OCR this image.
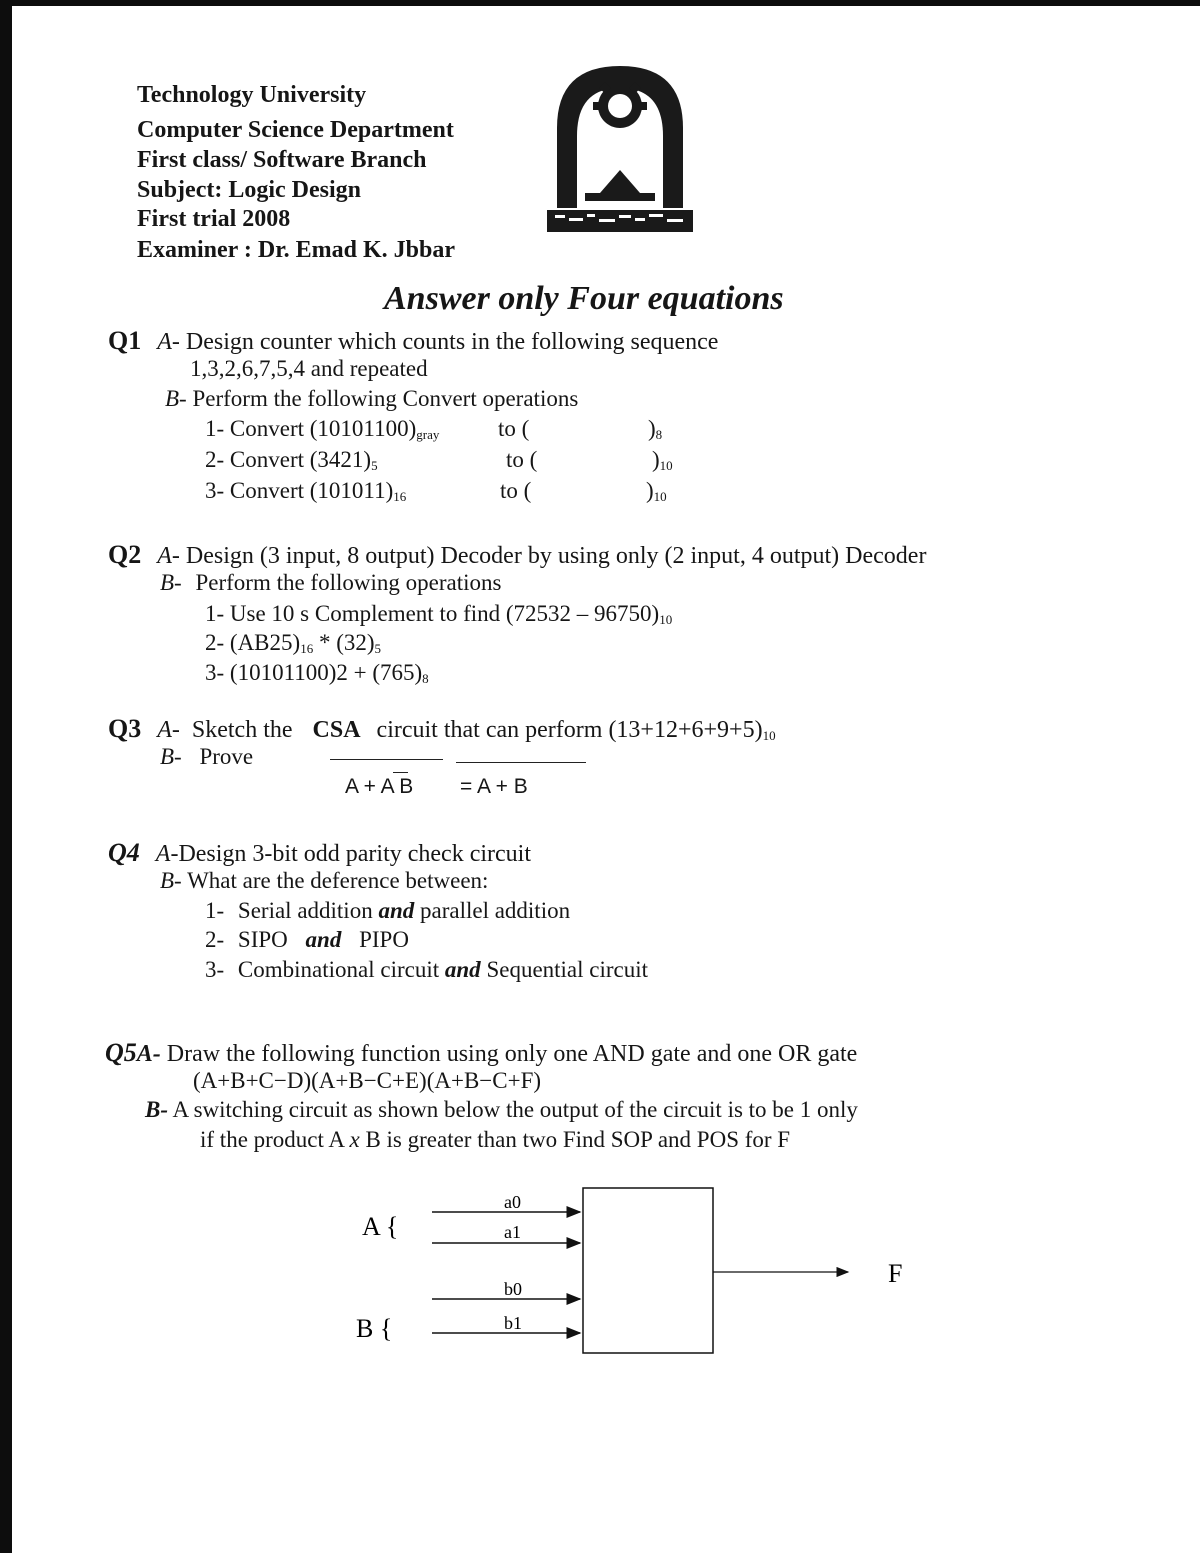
Technology University
Computer Science Department
First class/ Software Branch
Subject: Logic Design
First trial 2008
Examiner : Dr. Emad K. Jbbar
Answer only Four equations
Q1 A- Design counter which counts in the following sequence
1,3,2,6,7,5,4 and repeated
B- Perform the following Convert operations
1- Convert $(10101100)_{gray}$	to (	)$_8$
2- Convert $(3421)_5$	to (	)$_{10}$
3- Convert $(101011)_{16}$	to (	)$_{10}$
Q2 A- Design (3 input, 8 output) Decoder by using only (2 input, 4 output) Decoder
B- Perform the following operations
1- Use 10 s Complement to find $(72532 - 96750)_{10}$
2- $(AB25)_{16} * (32)_5$
3- $(10101100)2 + (765)_8$
Q3 A- Sketch the CSA circuit that can perform $(13+12+6+9+5)_{10}$
B- Prove
A + A B = A + B
Q4 A-Design 3-bit odd parity check circuit
B- What are the deference between:
1- Serial addition and parallel addition
2- SIPO and PIPO
3- Combinational circuit and Sequential circuit
Q5A- Draw the following function using only one AND gate and one OR gate
(A+B+C−D)(A+B−C+E)(A+B−C+F)
B- A switching circuit as shown below the output of the circuit is to be 1 only
if the product A x B is greater than two Find SOP and POS for F
a0
a1
b0
b1
A {
B {
F
